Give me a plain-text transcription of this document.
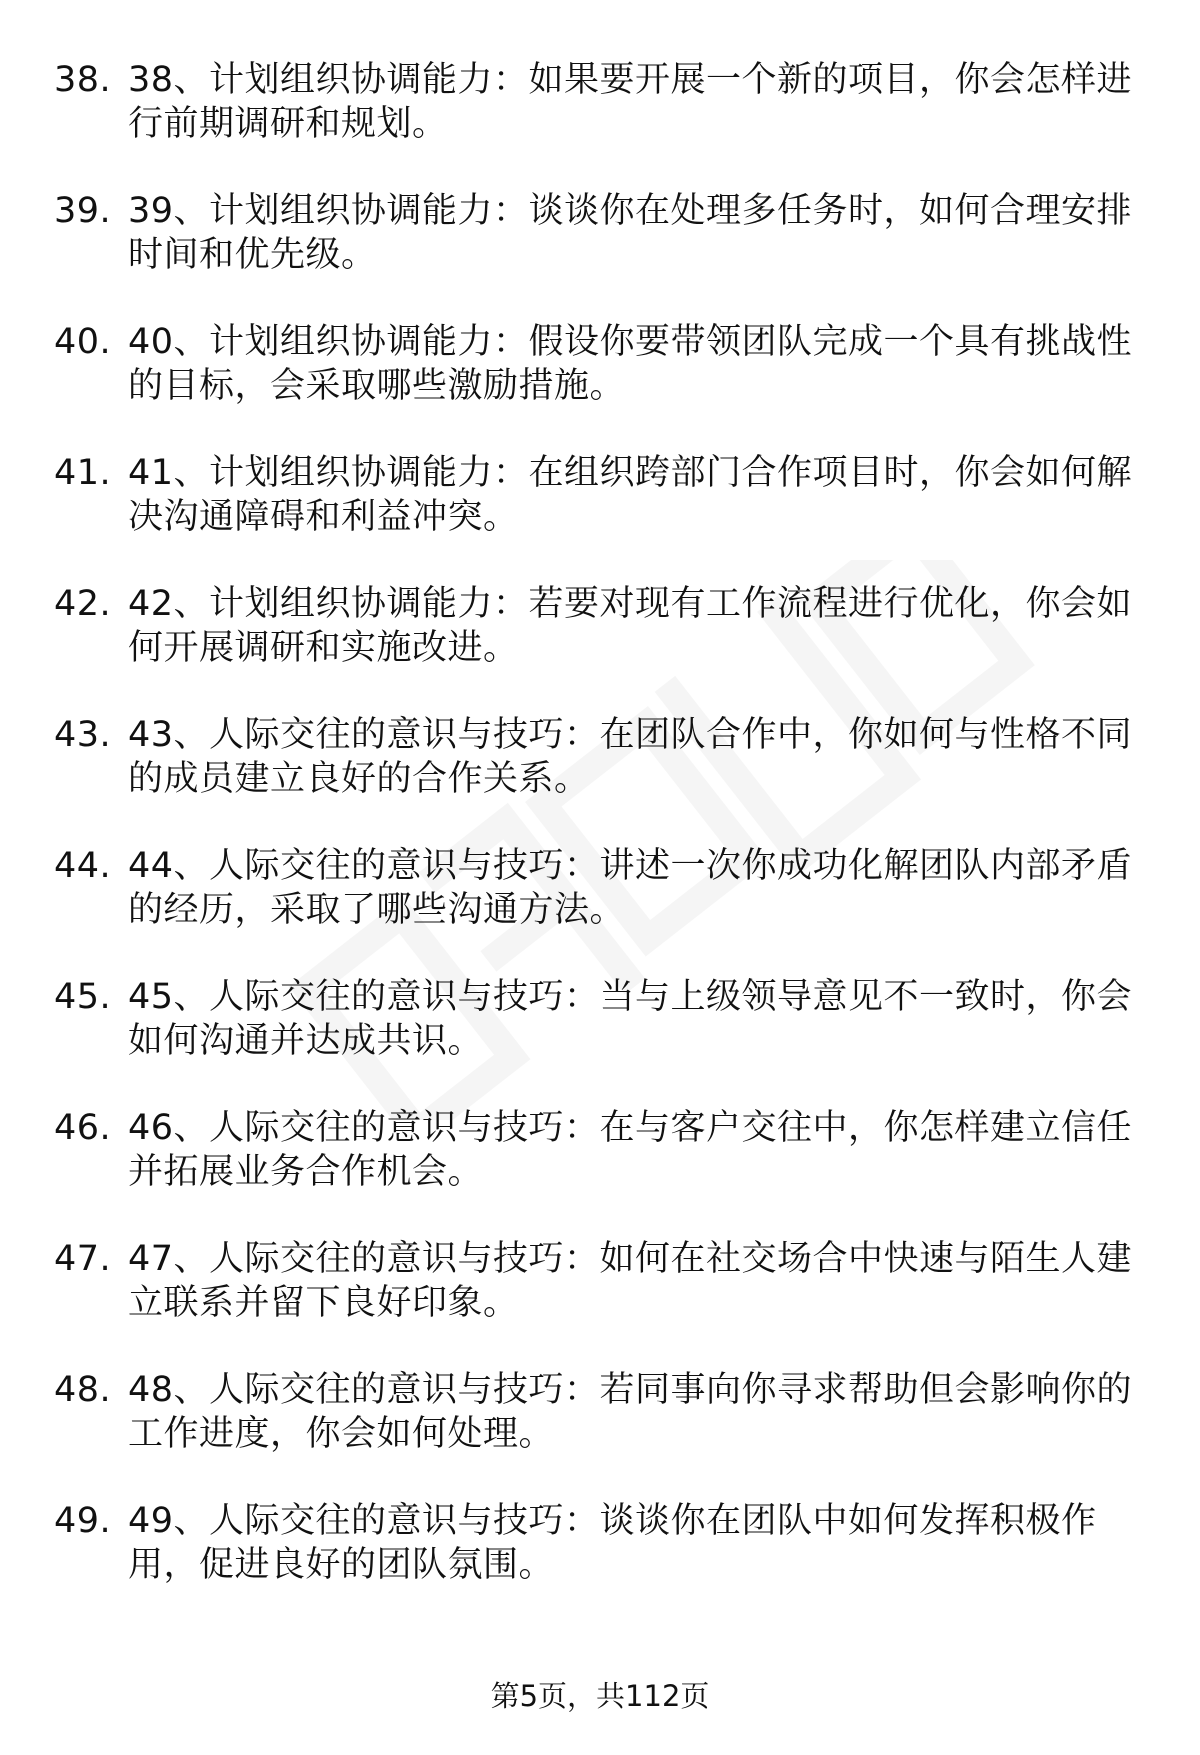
38. 38、计划组织协调能力：如果要开展一个新的项目，你会怎样进行前期调研和规划。
39. 39、计划组织协调能力：谈谈你在处理多任务时，如何合理安排时间和优先级。
40. 40、计划组织协调能力：假设你要带领团队完成一个具有挑战性的目标，会采取哪些激励措施。
41. 41、计划组织协调能力：在组织跨部门合作项目时，你会如何解决沟通障碍和利益冲突。
42. 42、计划组织协调能力：若要对现有工作流程进行优化，你会如何开展调研和实施改进。
43. 43、人际交往的意识与技巧：在团队合作中，你如何与性格不同的成员建立良好的合作关系。
44. 44、人际交往的意识与技巧：讲述一次你成功化解团队内部矛盾的经历，采取了哪些沟通方法。
45. 45、人际交往的意识与技巧：当与上级领导意见不一致时，你会如何沟通并达成共识。
46. 46、人际交往的意识与技巧：在与客户交往中，你怎样建立信任并拓展业务合作机会。
47. 47、人际交往的意识与技巧：如何在社交场合中快速与陌生人建立联系并留下良好印象。
48. 48、人际交往的意识与技巧：若同事向你寻求帮助但会影响你的工作进度，你会如何处理。
49. 49、人际交往的意识与技巧：谈谈你在团队中如何发挥积极作用，促进良好的团队氛围。
第5页，共112页
